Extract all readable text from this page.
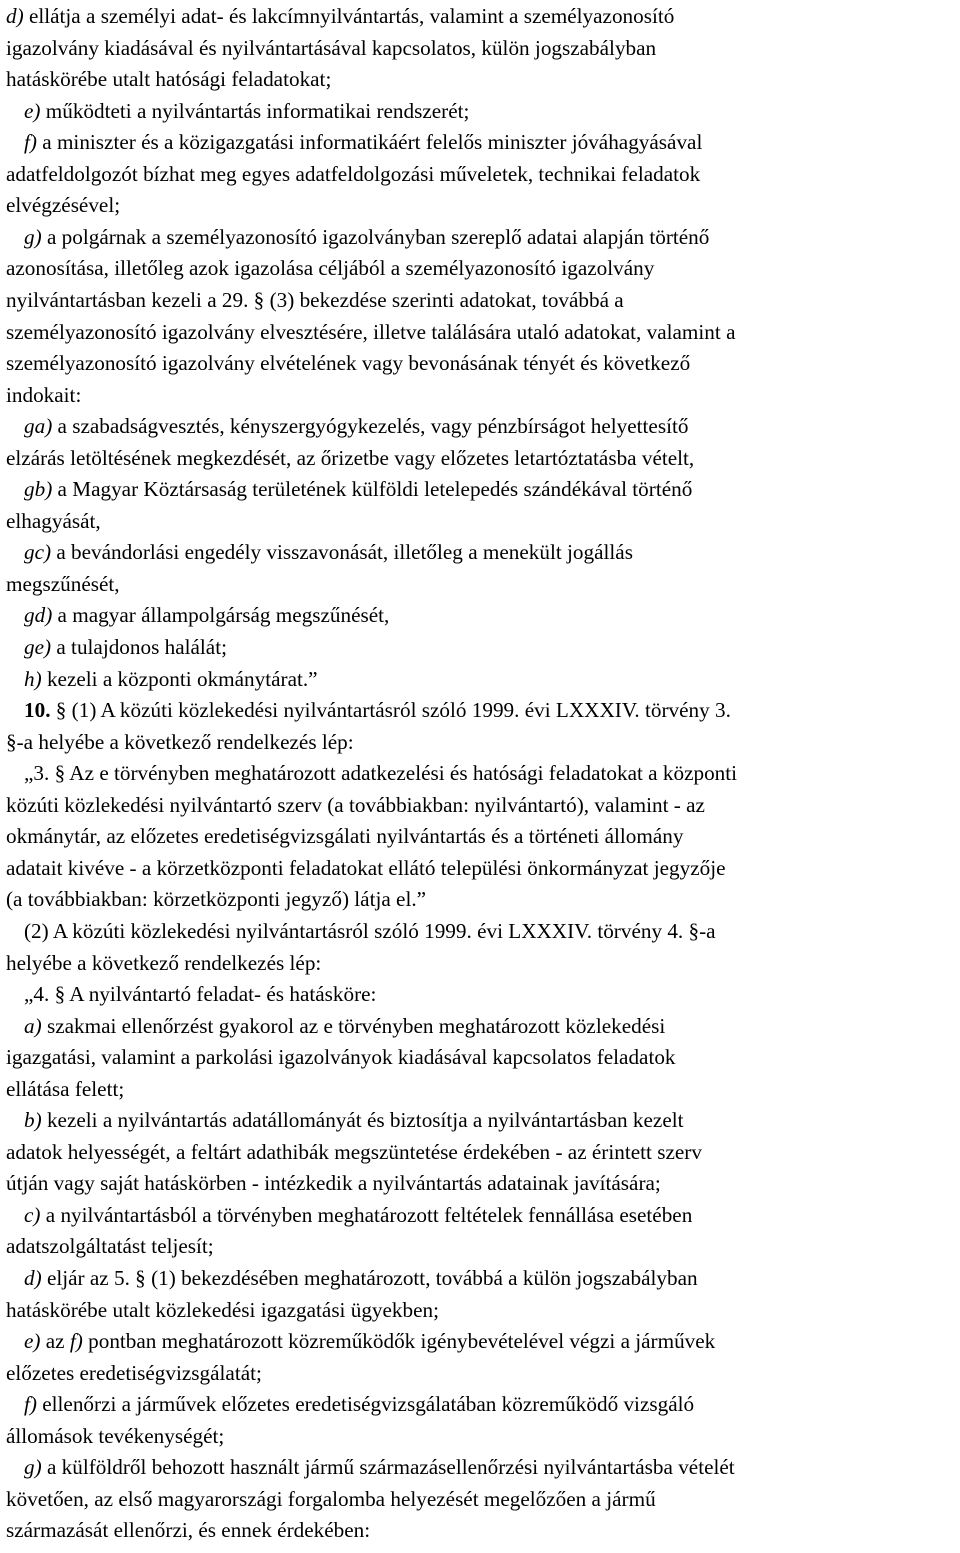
d) ellátja a személyi adat- és lakcímnyilvántartás, valamint a személyazonosító
igazolvány kiadásával és nyilvántartásával kapcsolatos, külön jogszabályban
hatáskörébe utalt hatósági feladatokat;
e) működteti a nyilvántartás informatikai rendszerét;
f) a miniszter és a közigazgatási informatikáért felelős miniszter jóváhagyásával
adatfeldolgozót bízhat meg egyes adatfeldolgozási műveletek, technikai feladatok
elvégzésével;
g) a polgárnak a személyazonosító igazolványban szereplő adatai alapján történő
azonosítása, illetőleg azok igazolása céljából a személyazonosító igazolvány
nyilvántartásban kezeli a 29. § (3) bekezdése szerinti adatokat, továbbá a
személyazonosító igazolvány elvesztésére, illetve találására utaló adatokat, valamint a
személyazonosító igazolvány elvételének vagy bevonásának tényét és következő
indokait:
ga) a szabadságvesztés, kényszergyógykezelés, vagy pénzbírságot helyettesítő
elzárás letöltésének megkezdését, az őrizetbe vagy előzetes letartóztatásba vételt,
gb) a Magyar Köztársaság területének külföldi letelepedés szándékával történő
elhagyását,
gc) a bevándorlási engedély visszavonását, illetőleg a menekült jogállás
megszűnését,
gd) a magyar állampolgárság megszűnését,
ge) a tulajdonos halálát;
h) kezeli a központi okmánytárat.”
10. § (1) A közúti közlekedési nyilvántartásról szóló 1999. évi LXXXIV. törvény 3.
§-a helyébe a következő rendelkezés lép:
„3. § Az e törvényben meghatározott adatkezelési és hatósági feladatokat a központi
közúti közlekedési nyilvántartó szerv (a továbbiakban: nyilvántartó), valamint - az
okmánytár, az előzetes eredetiségvizsgálati nyilvántartás és a történeti állomány
adatait kivéve - a körzetközponti feladatokat ellátó települési önkormányzat jegyzője
(a továbbiakban: körzetközponti jegyző) látja el.”
(2) A közúti közlekedési nyilvántartásról szóló 1999. évi LXXXIV. törvény 4. §-a
helyébe a következő rendelkezés lép:
„4. § A nyilvántartó feladat- és hatásköre:
a) szakmai ellenőrzést gyakorol az e törvényben meghatározott közlekedési
igazgatási, valamint a parkolási igazolványok kiadásával kapcsolatos feladatok
ellátása felett;
b) kezeli a nyilvántartás adatállományát és biztosítja a nyilvántartásban kezelt
adatok helyességét, a feltárt adathibák megszüntetése érdekében - az érintett szerv
útján vagy saját hatáskörben - intézkedik a nyilvántartás adatainak javítására;
c) a nyilvántartásból a törvényben meghatározott feltételek fennállása esetében
adatszolgáltatást teljesít;
d) eljár az 5. § (1) bekezdésében meghatározott, továbbá a külön jogszabályban
hatáskörébe utalt közlekedési igazgatási ügyekben;
e) az f) pontban meghatározott közreműködők igénybevételével végzi a járművek
előzetes eredetiségvizsgálatát;
f) ellenőrzi a járművek előzetes eredetiségvizsgálatában közreműködő vizsgáló
állomások tevékenységét;
g) a külföldről behozott használt jármű származásellenőrzési nyilvántartásba vételét
követően, az első magyarországi forgalomba helyezését megelőzően a jármű
származását ellenőrzi, és ennek érdekében:
